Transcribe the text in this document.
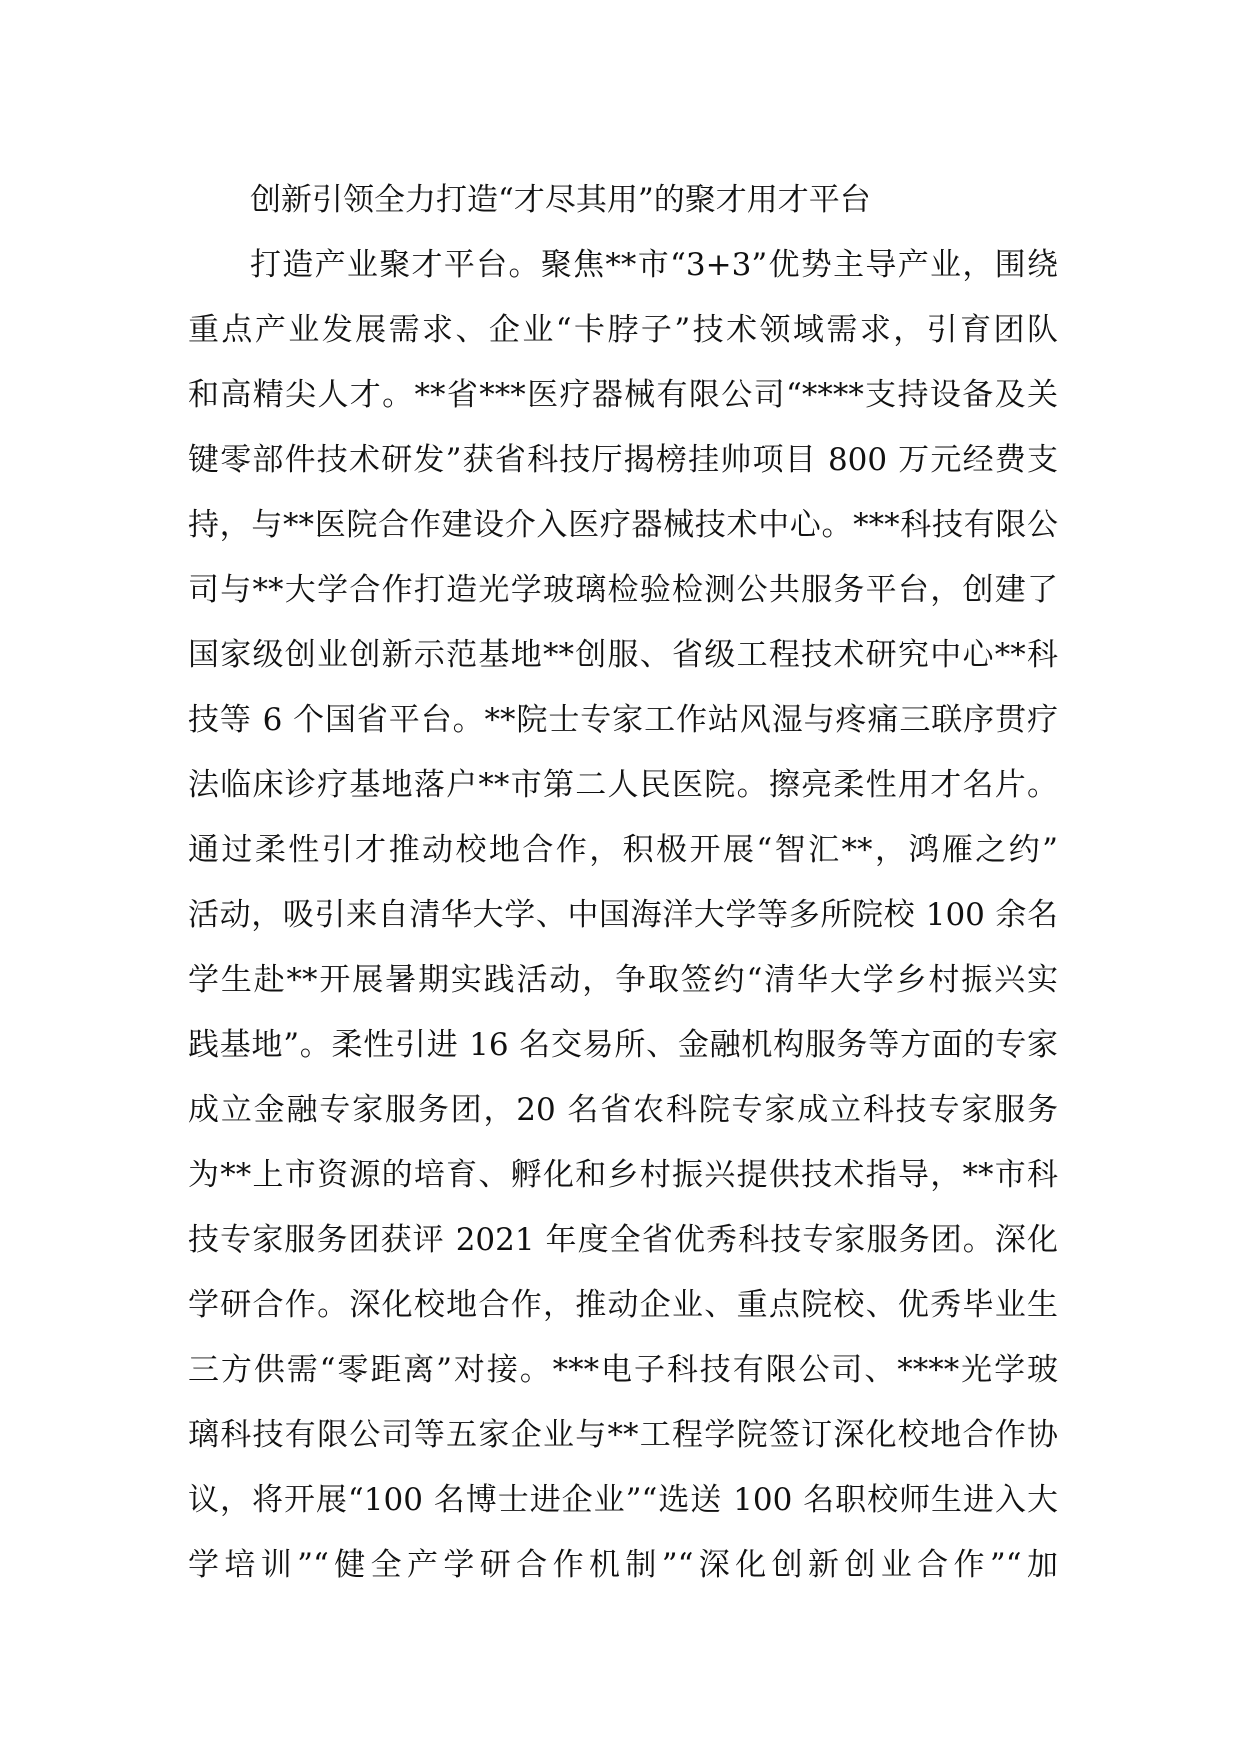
创新引领全力打造“才尽其用”的聚才用才平台
打造产业聚才平台。聚焦**市“3+3”优势主导产业，围绕
重点产业发展需求、企业“卡脖子”技术领域需求，引育团队
和高精尖人才。**省***医疗器械有限公司“****支持设备及关
键零部件技术研发”获省科技厅揭榜挂帅项目 800 万元经费支
持，与**医院合作建设介入医疗器械技术中心。***科技有限公
司与**大学合作打造光学玻璃检验检测公共服务平台，创建了
国家级创业创新示范基地**创服、省级工程技术研究中心**科
技等 6 个国省平台。**院士专家工作站风湿与疼痛三联序贯疗
法临床诊疗基地落户**市第二人民医院。擦亮柔性用才名片。
通过柔性引才推动校地合作，积极开展“智汇**，鸿雁之约”
活动，吸引来自清华大学、中国海洋大学等多所院校 100 余名
学生赴**开展暑期实践活动，争取签约“清华大学乡村振兴实
践基地”。柔性引进 16 名交易所、金融机构服务等方面的专家
成立金融专家服务团，20 名省农科院专家成立科技专家服务
为**上市资源的培育、孵化和乡村振兴提供技术指导，**市科
技专家服务团获评 2021 年度全省优秀科技专家服务团。深化
学研合作。深化校地合作，推动企业、重点院校、优秀毕业生
三方供需“零距离”对接。***电子科技有限公司、****光学玻
璃科技有限公司等五家企业与**工程学院签订深化校地合作协
议，将开展“100 名博士进企业”“选送 100 名职校师生进入大
学培训”“健全产学研合作机制”“深化创新创业合作”“加
